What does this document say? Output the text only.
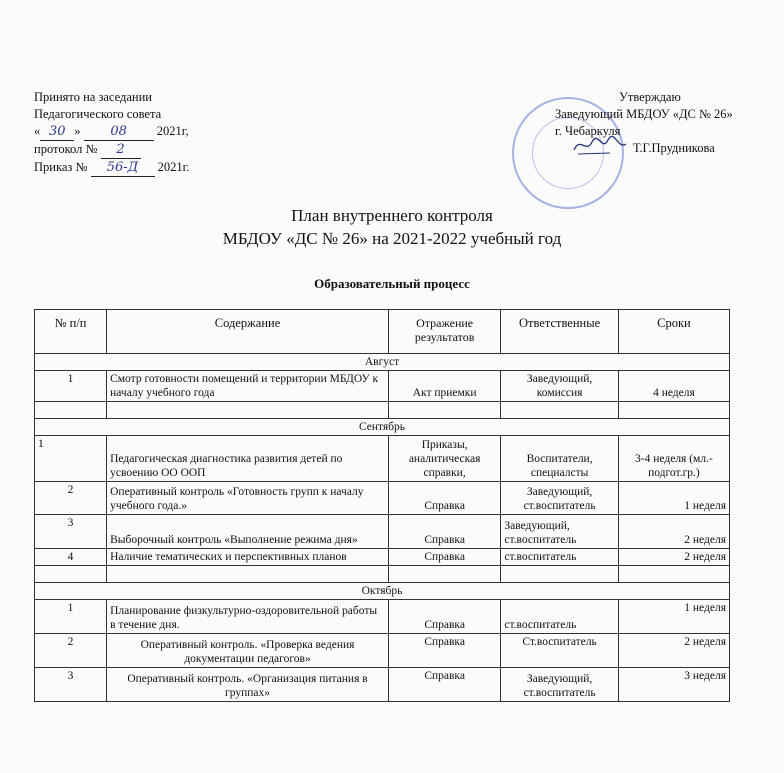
Принято на заседании
Педагогического совета
« 30 » 08 2021г,
протокол № 2
Приказ № 56-Д 2021г.
Утверждаю
Заведующий МБДОУ «ДС № 26»
г. Чебаркуля
Т.Г.Прудникова
План внутреннего контроля
МБДОУ «ДС № 26» на 2021-2022 учебный год
Образовательный процесс
№ п/п	Содержание	Отражение результатов	Ответственные	Сроки
Август				
1	Смотр готовности помещений и территории МБДОУ к началу учебного года	Акт приемки	Заведующий, комиссия	4 неделя

Сентябрь				
1	Педагогическая диагностика развития детей по усвоению ОО ООП	Приказы, аналитическая справки,	Воспитатели, специалсты	3-4 неделя (мл.-подгот.гр.)
2	Оперативный контроль «Готовность групп к началу учебного года.»	Справка	Заведующий, ст.воспитатель	1 неделя
3	Выборочный контроль «Выполнение режима дня»	Справка	Заведующий, ст.воспитатель	2 неделя
4	Наличие тематических и перспективных планов	Справка	ст.воспитатель	2 неделя

Октябрь				
1	Планирование физкультурно-оздоровительной работы в течение дня.	Справка	ст.воспитатель	1 неделя
2	Оперативный контроль. «Проверка ведения документации педагогов»	Справка	Ст.воспитатель	2 неделя
3	Оперативный контроль. «Организация питания в группах»	Справка	Заведующий, ст.воспитатель	3 неделя
